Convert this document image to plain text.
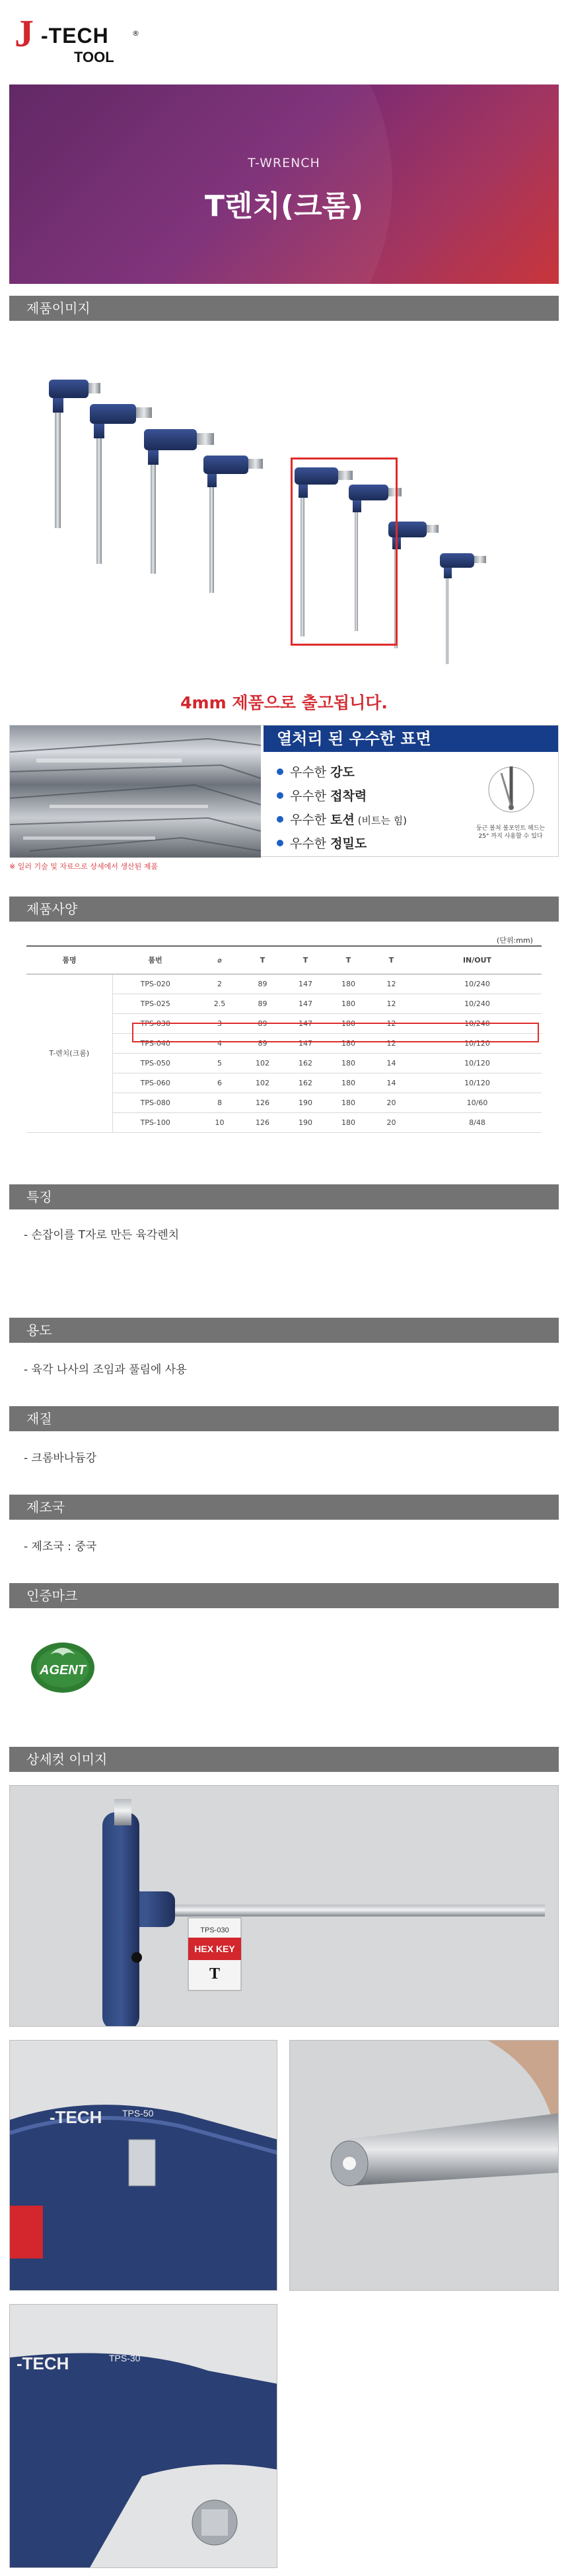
J -TECH
TOOL
®
T-WRENCH
T렌치(크롬)
제품이미지
4mm 제품으로 출고됩니다.
열처리 된 우수한 표면
우수한 강도
우수한 접착력
우수한 토션 (비트는 힘)
우수한 정밀도
둥근 볼처 볼포인트 헤드는
25° 까지 사용할 수 있다
※ 일러 기술 및 자료으로 상세에서 생산된 제품
제품사양
(단위:mm)
품명	품번	⌀	T	T	T	T	IN/OUT
T-렌치(크롬)	TPS-020	2	89	147	180	12	10/240
	TPS-025	2.5	89	147	180	12	10/240
	TPS-030	3	89	147	180	12	10/240
	TPS-040	4	89	147	180	12	10/120
	TPS-050	5	102	162	180	14	10/120
	TPS-060	6	102	162	180	14	10/120
	TPS-080	8	126	190	180	20	10/60
	TPS-100	10	126	190	180	20	8/48
특징
- 손잡이를 T자로 만든 육각렌치
용도
- 육각 나사의 조임과 풀림에 사용
재질
- 크롬바나듐강
제조국
- 제조국 : 중국
인증마크
AGENT
상세컷 이미지
HEX KEY
TPS-030
T
-TECH TPS-50
-TECH	TPS-30
